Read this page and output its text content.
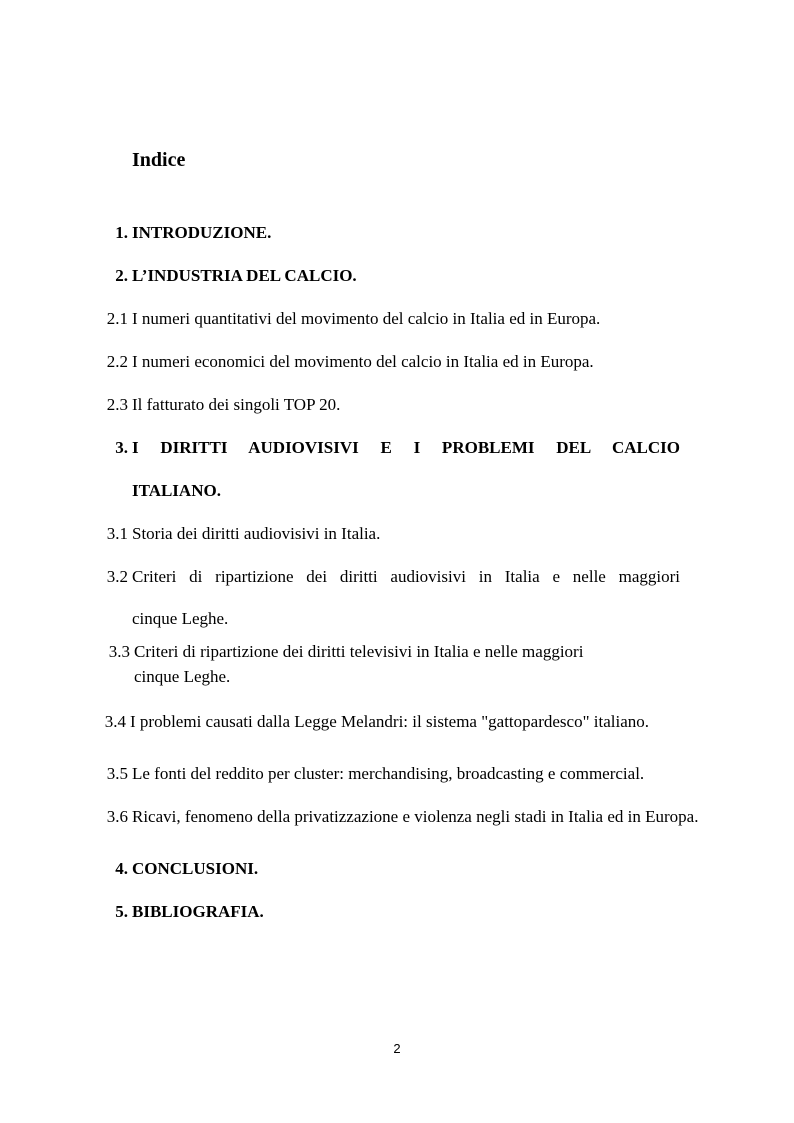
Indice
1. INTRODUZIONE.
2. L’INDUSTRIA DEL CALCIO.
2.1 I numeri quantitativi del movimento del calcio in Italia ed in Europa.
2.2 I numeri economici del movimento del calcio in Italia ed in Europa.
2.3 Il fatturato dei singoli TOP 20.
3. I DIRITTI AUDIOVISIVI E I PROBLEMI DEL CALCIO
ITALIANO.
3.1 Storia dei diritti audiovisivi in Italia.
3.2 Criteri di ripartizione dei diritti audiovisivi in Italia e nelle maggiori
cinque Leghe.
3.3 Criteri di ripartizione dei diritti televisivi in Italia e nelle maggiori
cinque Leghe.
3.4 I problemi causati dalla Legge Melandri: il sistema "gattopardesco" italiano.
3.5 Le fonti del reddito per cluster: merchandising, broadcasting e commercial.
3.6 Ricavi, fenomeno della privatizzazione e violenza negli stadi in Italia ed in Europa.
4. CONCLUSIONI.
5. BIBLIOGRAFIA.
2
